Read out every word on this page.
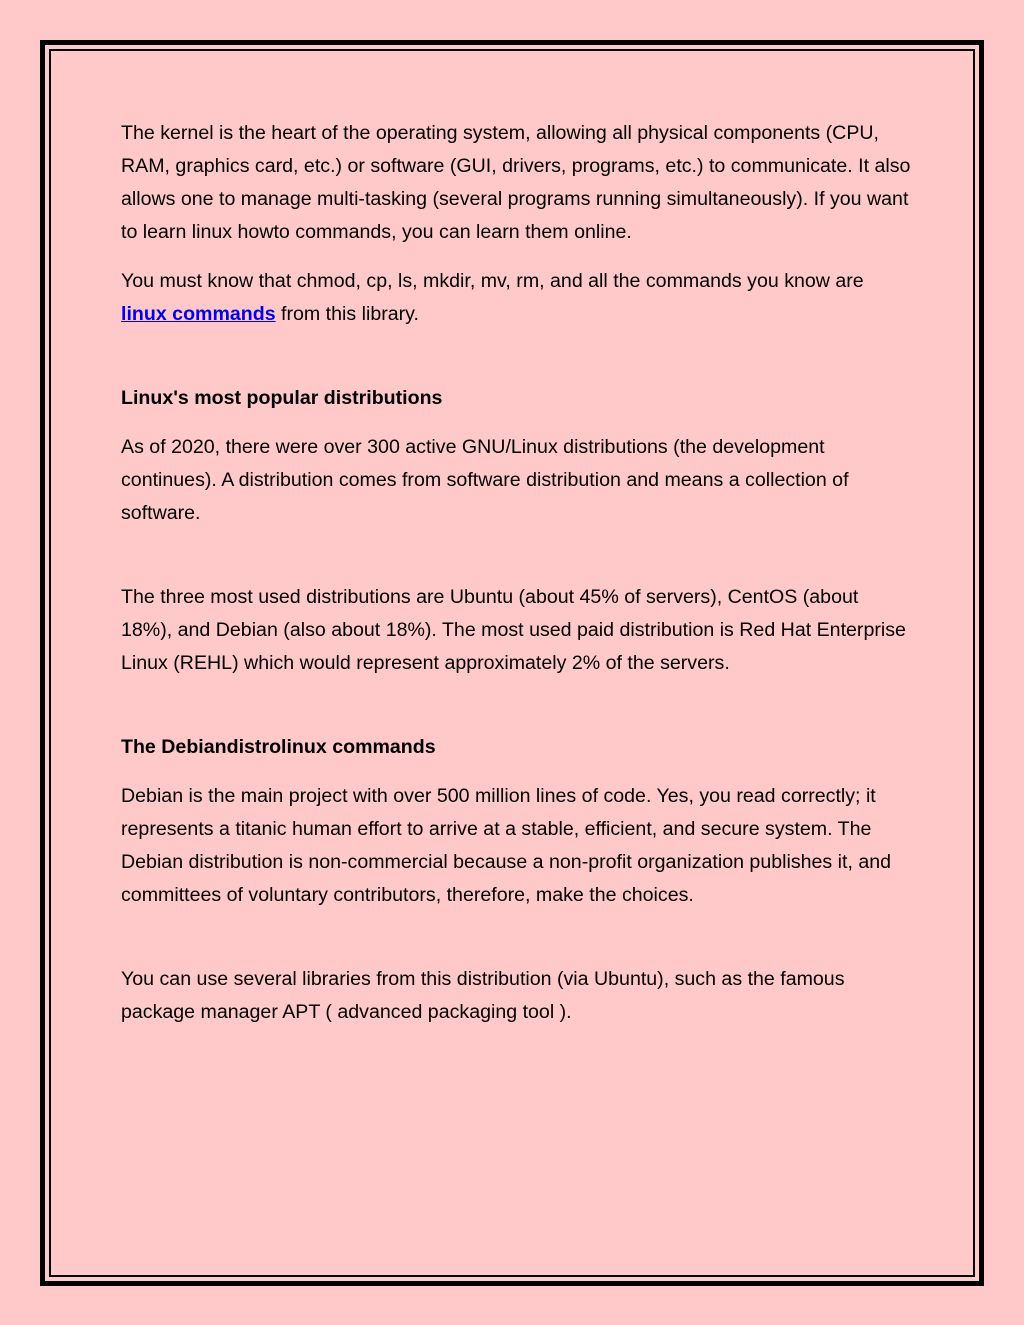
The kernel is the heart of the operating system, allowing all physical components (CPU, RAM, graphics card, etc.) or software (GUI, drivers, programs, etc.) to communicate. It also allows one to manage multi-tasking (several programs running simultaneously). If you want to learn linux howto commands, you can learn them online.

You must know that chmod, cp, ls, mkdir, mv, rm, and all the commands you know are linux commands from this library.

Linux's most popular distributions

As of 2020, there were over 300 active GNU/Linux distributions (the development continues). A distribution comes from software distribution and means a collection of software.

The three most used distributions are Ubuntu (about 45% of servers), CentOS (about 18%), and Debian (also about 18%). The most used paid distribution is Red Hat Enterprise Linux (REHL) which would represent approximately 2% of the servers.

The Debiandistrolinux commands

Debian is the main project with over 500 million lines of code. Yes, you read correctly; it represents a titanic human effort to arrive at a stable, efficient, and secure system. The Debian distribution is non-commercial because a non-profit organization publishes it, and committees of voluntary contributors, therefore, make the choices.

You can use several libraries from this distribution (via Ubuntu), such as the famous package manager APT ( advanced packaging tool ).
